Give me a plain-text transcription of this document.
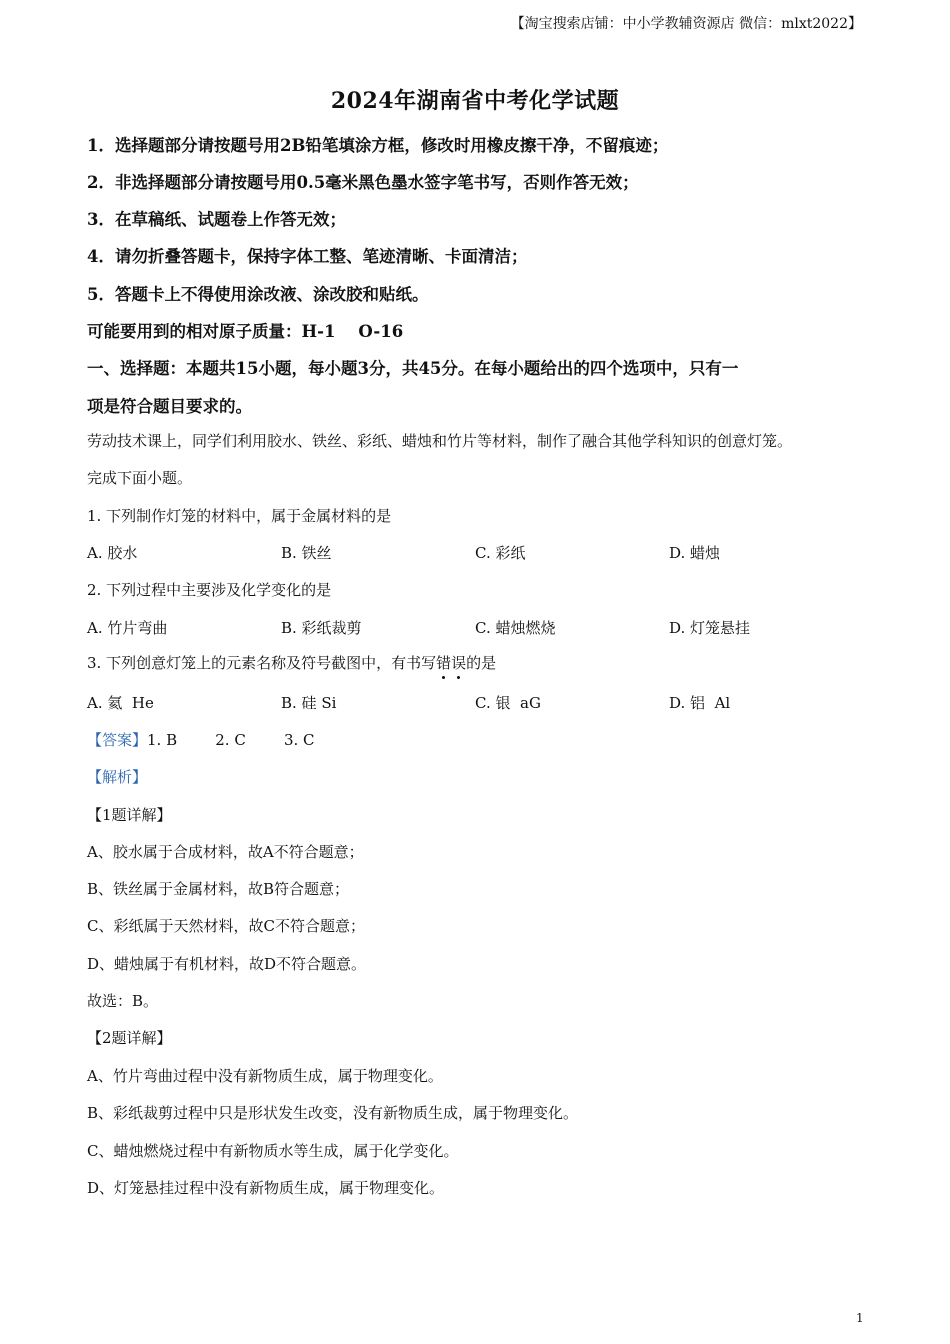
【淘宝搜索店铺：中小学教辅资源店 微信：mlxt2022】
2024年湖南省中考化学试题
1．选择题部分请按题号用2B铅笔填涂方框，修改时用橡皮擦干净，不留痕迹；
2．非选择题部分请按题号用0.5毫米黑色墨水签字笔书写，否则作答无效；
3．在草稿纸、试题卷上作答无效；
4．请勿折叠答题卡，保持字体工整、笔迹清晰、卡面清洁；
5．答题卡上不得使用涂改液、涂改胶和贴纸。
可能要用到的相对原子质量：H-1    O-16
一、选择题：本题共15小题，每小题3分，共45分。在每小题给出的四个选项中，只有一
项是符合题目要求的。
劳动技术课上，同学们利用胶水、铁丝、彩纸、蜡烛和竹片等材料，制作了融合其他学科知识的创意灯笼。
完成下面小题。
1. 下列制作灯笼的材料中，属于金属材料的是
A. 胶水	B. 铁丝	C. 彩纸	D. 蜡烛
2. 下列过程中主要涉及化学变化的是
A. 竹片弯曲	B. 彩纸裁剪	C. 蜡烛燃烧	D. 灯笼悬挂
3. 下列创意灯笼上的元素名称及符号截图中，有书写错
误
的是
A. 氦  He	B. 硅 Si	C. 银  aG	D. 铝  Al
【答案】1. B        2. C        3. C
【解析】
【1题详解】
A、胶水属于合成材料，故A不符合题意；
B、铁丝属于金属材料，故B符合题意；
C、彩纸属于天然材料，故C不符合题意；
D、蜡烛属于有机材料，故D不符合题意。
故选：B。
【2题详解】
A、竹片弯曲过程中没有新物质生成，属于物理变化。
B、彩纸裁剪过程中只是形状发生改变，没有新物质生成，属于物理变化。
C、蜡烛燃烧过程中有新物质水等生成，属于化学变化。
D、灯笼悬挂过程中没有新物质生成，属于物理变化。
1
